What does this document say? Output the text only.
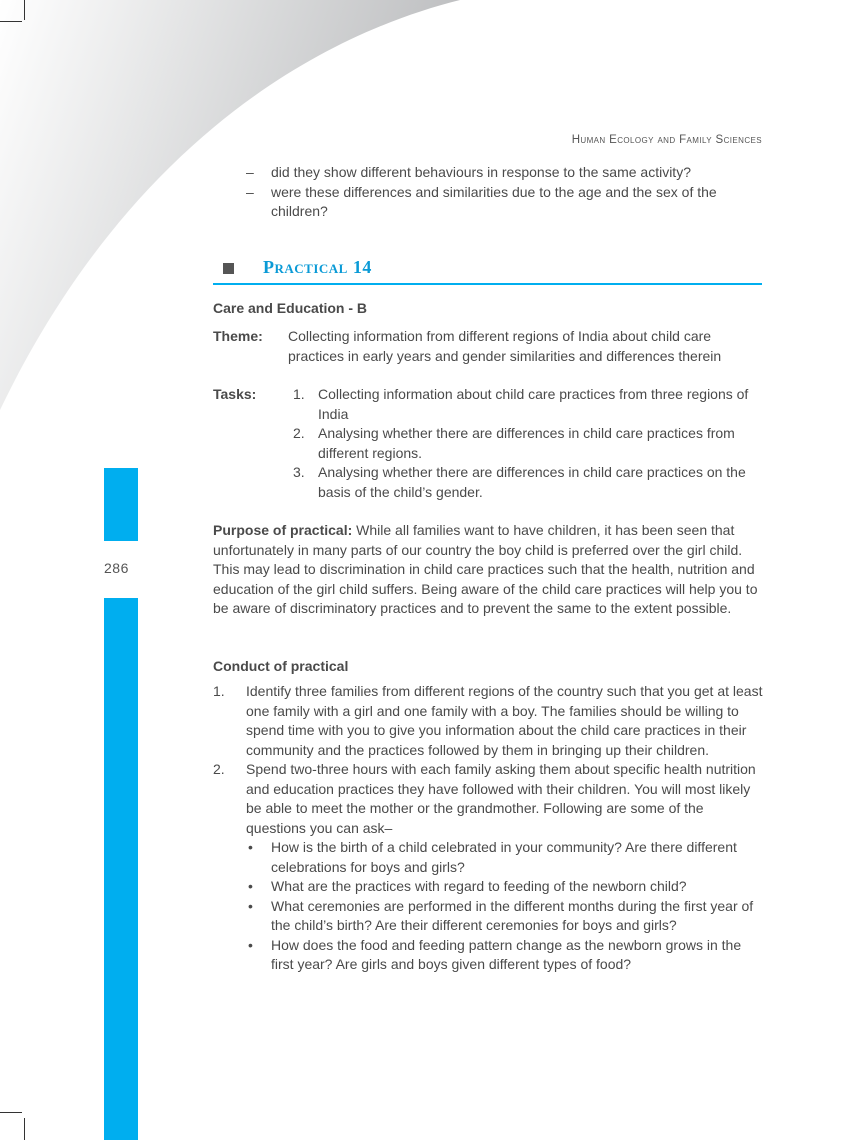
286
Human Ecology and Family Sciences
– did they show different behaviours in response to the same activity?
– were these differences and similarities due to the age and the sex of the children?
Practical 14
Care and Education - B
Theme: Collecting information from different regions of India about child care practices in early years and gender similarities and differences therein
Tasks:	1. Collecting information about child care practices from three regions of India
2. Analysing whether there are differences in child care practices from different regions.
3. Analysing whether there are differences in child care practices on the basis of the child’s gender.
Purpose of practical: While all families want to have children, it has been seen that unfortunately in many parts of our country the boy child is preferred over the girl child. This may lead to discrimination in child care practices such that the health, nutrition and education of the girl child suffers. Being aware of the child care practices will help you to be aware of discriminatory practices and to prevent the same to the extent possible.
Conduct of practical
1. Identify three families from different regions of the country such that you get at least one family with a girl and one family with a boy. The families should be willing to spend time with you to give you information about the child care practices in their community and the practices followed by them in bringing up their children.
2. Spend two-three hours with each family asking them about specific health nutrition and education practices they have followed with their children. You will most likely be able to meet the mother or the grandmother. Following are some of the questions you can ask–
• How is the birth of a child celebrated in your community? Are there different celebrations for boys and girls?
• What are the practices with regard to feeding of the newborn child?
• What ceremonies are performed in the different months during the first year of the child’s birth? Are their different ceremonies for boys and girls?
• How does the food and feeding pattern change as the newborn grows in the first year? Are girls and boys given different types of food?
